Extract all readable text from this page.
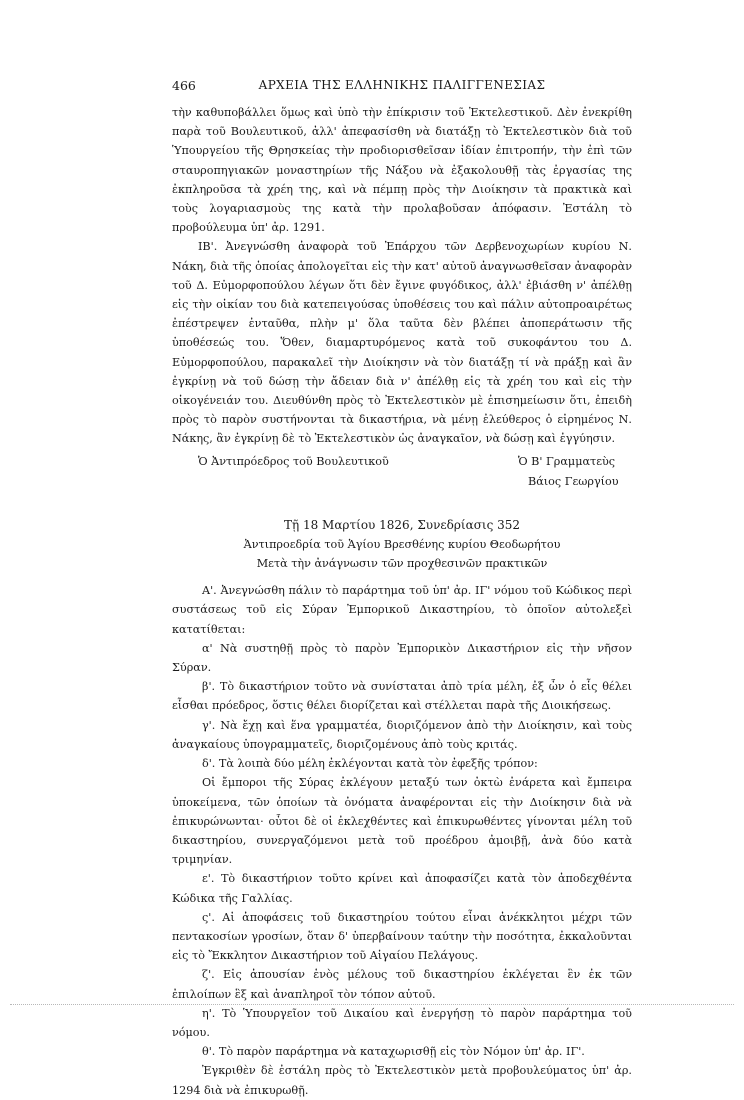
466	ΑΡΧΕΙΑ ΤΗΣ ΕΛΛΗΝΙΚΗΣ ΠΑΛΙΓΓΕΝΕΣΙΑΣ

τὴν καθυποβάλλει ὅμως καὶ ὑπὸ τὴν ἐπίκρισιν τοῦ Ἐκτελεστικοῦ. Δὲν ἐνεκρίθη παρὰ τοῦ Βουλευτικοῦ, ἀλλ' ἀπεφασίσθη νὰ διατάξῃ τὸ Ἐκτελεστικὸν διὰ τοῦ Ὑπουργείου τῆς Θρησκείας τὴν προδιορισθεῖσαν ἰδίαν ἐπιτροπήν, τὴν ἐπὶ τῶν σταυροπηγιακῶν μοναστηρίων τῆς Νάξου νὰ ἐξακολουθῇ τὰς ἐργασίας της ἐκπληροῦσα τὰ χρέη της, καὶ νὰ πέμπῃ πρὸς τὴν Διοίκησιν τὰ πρακτικὰ καὶ τοὺς λογαριασμοὺς της κατὰ τὴν προλαβοῦσαν ἀπόφασιν. Ἐστάλη τὸ προβούλευμα ὑπ' ἀρ. 1291.

ΙΒ'. Ἀνεγνώσθη ἀναφορὰ τοῦ Ἐπάρχου τῶν Δερβενοχωρίων κυρίου Ν. Νάκη, διὰ τῆς ὁποίας ἀπολογεῖται εἰς τὴν κατ' αὐτοῦ ἀναγνωσθεῖσαν ἀναφορὰν τοῦ Δ. Εὐμορφοπούλου λέγων ὅτι δὲν ἔγινε φυγόδικος, ἀλλ' ἐβιάσθη ν' ἀπέλθῃ εἰς τὴν οἰκίαν του διὰ κατεπειγούσας ὑποθέσεις του καὶ πάλιν αὐτοπροαιρέτως ἐπέστρεψεν ἐνταῦθα, πλὴν μ' ὅλα ταῦτα δὲν βλέπει ἀποπεράτωσιν τῆς ὑποθέσεώς του. Ὅθεν, διαμαρτυρόμενος κατὰ τοῦ συκοφάντου του Δ. Εὐμορφοπούλου, παρακαλεῖ τὴν Διοίκησιν νὰ τὸν διατάξῃ τί νὰ πράξῃ καὶ ἂν ἐγκρίνῃ νὰ τοῦ δώσῃ τὴν ἄδειαν διὰ ν' ἀπέλθῃ εἰς τὰ χρέη του καὶ εἰς τὴν οἰκογένειάν του. Διευθύνθη πρὸς τὸ Ἐκτελεστικὸν μὲ ἐπισημείωσιν ὅτι, ἐπειδὴ πρὸς τὸ παρὸν συστήνονται τὰ δικαστήρια, νὰ μένῃ ἐλεύθερος ὁ εἰρημένος Ν. Νάκης, ἂν ἐγκρίνῃ δὲ τὸ Ἐκτελεστικὸν ὡς ἀναγκαῖον, νὰ δώσῃ καὶ ἐγγύησιν.

Ὁ Ἀντιπρόεδρος τοῦ Βουλευτικοῦ	Ὁ Β' Γραμματεὺς
Βάιος Γεωργίου

Τῇ 18 Μαρτίου 1826, Συνεδρίασις 352

Ἀντιπροεδρία τοῦ Ἁγίου Βρεσθένης κυρίου Θεοδωρήτου

Μετὰ τὴν ἀνάγνωσιν τῶν προχθεσινῶν πρακτικῶν

Α'. Ἀνεγνώσθη πάλιν τὸ παράρτημα τοῦ ὑπ' ἀρ. ΙΓ' νόμου τοῦ Κώδικος περὶ συστάσεως τοῦ εἰς Σύραν Ἐμπορικοῦ Δικαστηρίου, τὸ ὁποῖον αὐτολεξεὶ κατατίθεται:

α' Νὰ συστηθῇ πρὸς τὸ παρὸν Ἐμπορικὸν Δικαστήριον εἰς τὴν νῆσον Σύραν.

β'. Τὸ δικαστήριον τοῦτο νὰ συνίσταται ἀπὸ τρία μέλη, ἐξ ὧν ὁ εἷς θέλει εἶσθαι πρόεδρος, ὅστις θέλει διορίζεται καὶ στέλλεται παρὰ τῆς Διοικήσεως.

γ'. Νὰ ἔχῃ καὶ ἕνα γραμματέα, διοριζόμενον ἀπὸ τὴν Διοίκησιν, καὶ τοὺς ἀναγκαίους ὑπογραμματεῖς, διοριζομένους ἀπὸ τοὺς κριτάς.

δ'. Τὰ λοιπὰ δύο μέλη ἐκλέγονται κατὰ τὸν ἐφεξῆς τρόπον:

Οἱ ἔμποροι τῆς Σύρας ἐκλέγουν μεταξύ των ὀκτὼ ἐνάρετα καὶ ἔμπειρα ὑποκείμενα, τῶν ὁποίων τὰ ὀνόματα ἀναφέρονται εἰς τὴν Διοίκησιν διὰ νὰ ἐπικυρώνωνται· οὗτοι δὲ οἱ ἐκλεχθέντες καὶ ἐπικυρωθέντες γίνονται μέλη τοῦ δικαστηρίου, συνεργαζόμενοι μετὰ τοῦ προέδρου ἀμοιβῇ, ἀνὰ δύο κατὰ τριμηνίαν.

ε'. Τὸ δικαστήριον τοῦτο κρίνει καὶ ἀποφασίζει κατὰ τὸν ἀποδεχθέντα Κώδικα τῆς Γαλλίας.

ς'. Αἱ ἀποφάσεις τοῦ δικαστηρίου τούτου εἶναι ἀνέκκλητοι μέχρι τῶν πεντακοσίων γροσίων, ὅταν δ' ὑπερβαίνουν ταύτην τὴν ποσότητα, ἐκκαλοῦνται εἰς τὸ Ἔκκλητον Δικαστήριον τοῦ Αἰγαίου Πελάγους.

ζ'. Εἰς ἀπουσίαν ἑνὸς μέλους τοῦ δικαστηρίου ἐκλέγεται ἓν ἐκ τῶν ἐπιλοίπων ἓξ καὶ ἀναπληροῖ τὸν τόπον αὐτοῦ.

η'. Τὸ Ὑπουργεῖον τοῦ Δικαίου καὶ ἐνεργήσῃ τὸ παρὸν παράρτημα τοῦ νόμου.

θ'. Τὸ παρὸν παράρτημα νὰ καταχωρισθῇ εἰς τὸν Νόμον ὑπ' ἀρ. ΙΓ'.

Ἐγκριθὲν δὲ ἐστάλη πρὸς τὸ Ἐκτελεστικὸν μετὰ προβουλεύματος ὑπ' ἀρ. 1294 διὰ νὰ ἐπικυρωθῇ.
